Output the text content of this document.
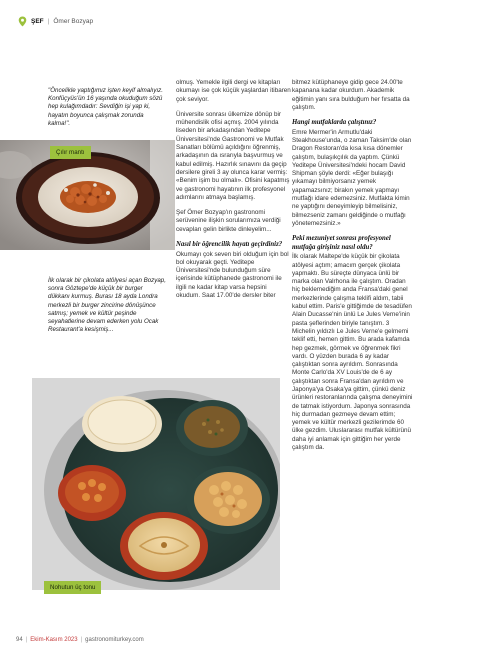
ŞEF | Ömer Bozyap
"Öncelikle yaptığımız işten keyif almalıyız. Konfüçyüs'ün 16 yaşında okuduğum sözü hep kulağımdadır: Sevdiğin işi yap ki, hayatın boyunca çalışmak zorunda kalma!".
Çılır mantı
İlk olarak bir çikolata atölyesi açan Bozyap, sonra Göztepe'de küçük bir burger dükkanı kurmuş. Burası 18 ayda Londra merkezli bir burger zincirine dönüşünce satmış; yemek ve kültür peşinde seyahatlerine devam ederken yolu Ocak Restaurant'a kesişmiş...

olmuş. Yemekle ilgili dergi ve kitapları okumayı ise çok küçük yaşlardan itibaren çok seviyor.

Üniversite sonrası ülkemize dönüp bir mühendislik ofisi açmış. 2004 yılında liseden bir arkadaşından Yeditepe Üniversitesi'nde Gastronomi ve Mutfak Sanatları bölümü açıldığını öğrenmiş, arkadaşının da ısrarıyla başvurmuş ve kabul edilmiş. Hazırlık sınavını da geçip dersilere gireli 3 ay olunca karar vermiş: «Benim işim bu olmalı». Ofisini kapatmış ve gastronomi hayatının ilk profesyonel adımlarını atmaya başlamış.

Şef Ömer Bozyap'ın gastronomi serüvenine ilişkin sorularımıza verdiği cevapları gelin birlikte dinleyelim...

Nasıl bir öğrencilik hayatı geçirdiniz?

Okumayı çok seven biri olduğum için bol bol okuyarak geçti. Yeditepe Üniversitesi'nde bulunduğum süre içerisinde kütüphanede gastronomi ile ilgili ne kadar kitap varsa hepsini okudum. Saat 17.00'de dersler biter

bitmez kütüphaneye gidip gece 24.00'te kapanana kadar okurdum. Akademik eğitimin yanı sıra bulduğum her fırsatta da çalıştım.

Hangi mutfaklarda çalıştınız?

Emre Mermer'in Armutlu'daki Steakhouse'unda, o zaman Taksim'de olan Dragon Restoran'da kısa kısa dönemler çalıştım, bulaşıkçılık da yaptım. Çünkü Yeditepe Üniversitesi'ndeki hocam David Shipman şöyle derdi: «Eğer bulaşığı yıkamayı bilmiyorsanız yemek yapamazsınız; birakın yemek yapmayı mutfağı idare edemezsiniz. Mutfakta kimin ne yaptığını deneyimleyip bilmelisiniz, bilmezseniz zamanı geldiğinde o mutfağı yönetemezsiniz.»

Peki mezuniyet sonrası profesyonel mutfağa girişiniz nasıl oldu?

İlk olarak Maltepe'de küçük bir çikolata atölyesi açtım; amacım gerçek çikolata yapmaktı. Bu süreçte dünyaca ünlü bir marka olan Valrhona ile çalıştım. Oradan hiç beklemediğim anda Fransa'daki genel merkezlerinde çalışma teklifi aldım, tabii kabul ettim. Paris'e gittiğimde de tesadüfen Alain Ducasse'nin ünlü Le Jules Verne'inin pasta şeflerinden biriyle tanıştım. 3 Michelin yıldızlı Le Jules Verne'e gelmemi teklif etti, hemen gittim. Bu arada kafamda hep gezmek, görmek ve öğrenmek fikri vardı. O yüzden burada 6 ay kadar çalıştıktan sonra ayrıldım. Sonrasında Monte Carlo'da XV Louis'de de 6 ay çalıştıktan sonra Fransa'dan ayrıldım ve Japonya'ya Osaka'ya gittim, çünkü deniz ürünleri restoranlarında çalışma deneyimini de tatmak istiyordum. Japonya sonrasında hiç durmadan gezmeye devam ettim; yemek ve kültür merkezli gezilerimde 60 ülke gezdim. Uluslararası mutfak kültürünü daha iyi anlamak için gittiğim her yerde çalıştım da.

Nohutun üç tonu
94 | Ekim-Kasım 2023 | gastronomiturkey.com
